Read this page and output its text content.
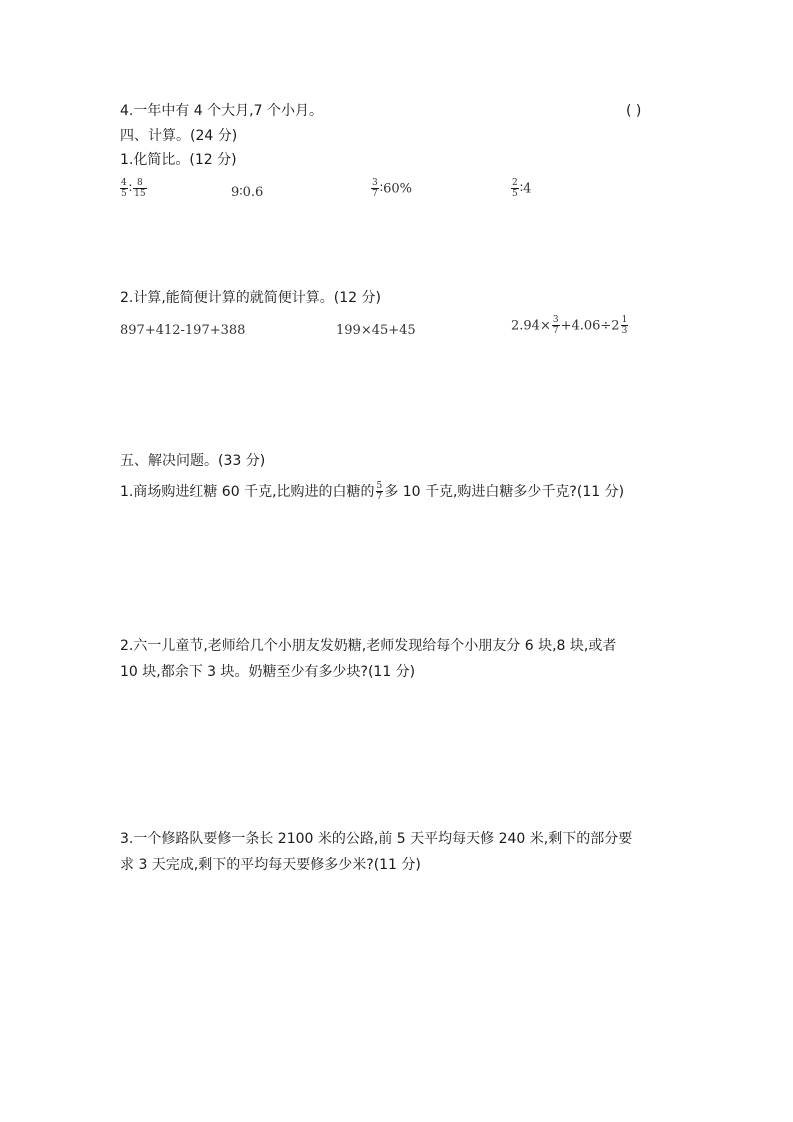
4.一年中有 4 个大月,7 个小月。	( )
四、计算。(24 分)
1.化简比。(12 分)
$\frac{4}{5}$ ∶ $\frac{8}{15}$	9∶0.6	$\frac{3}{7}$ ∶60%	$\frac{2}{5}$ ∶4
2.计算,能简便计算的就简便计算。(12 分)
897+412-197+388	199×45+45	$2.94\times \frac{3}{7} +4.06\div 2 \frac{1}{3}$
五、解决问题。(33 分)
1.商场购进红糖 60 千克,比购进的白糖的 $\frac{5}{7}$ 多 10 千克,购进白糖多少千克?(11 分)
2.六一儿童节,老师给几个小朋友发奶糖,老师发现给每个小朋友分 6 块,8 块,或者
10 块,都余下 3 块。奶糖至少有多少块?(11 分)
3.一个修路队要修一条长 2100 米的公路,前 5 天平均每天修 240 米,剩下的部分要
求 3 天完成,剩下的平均每天要修多少米?(11 分)
